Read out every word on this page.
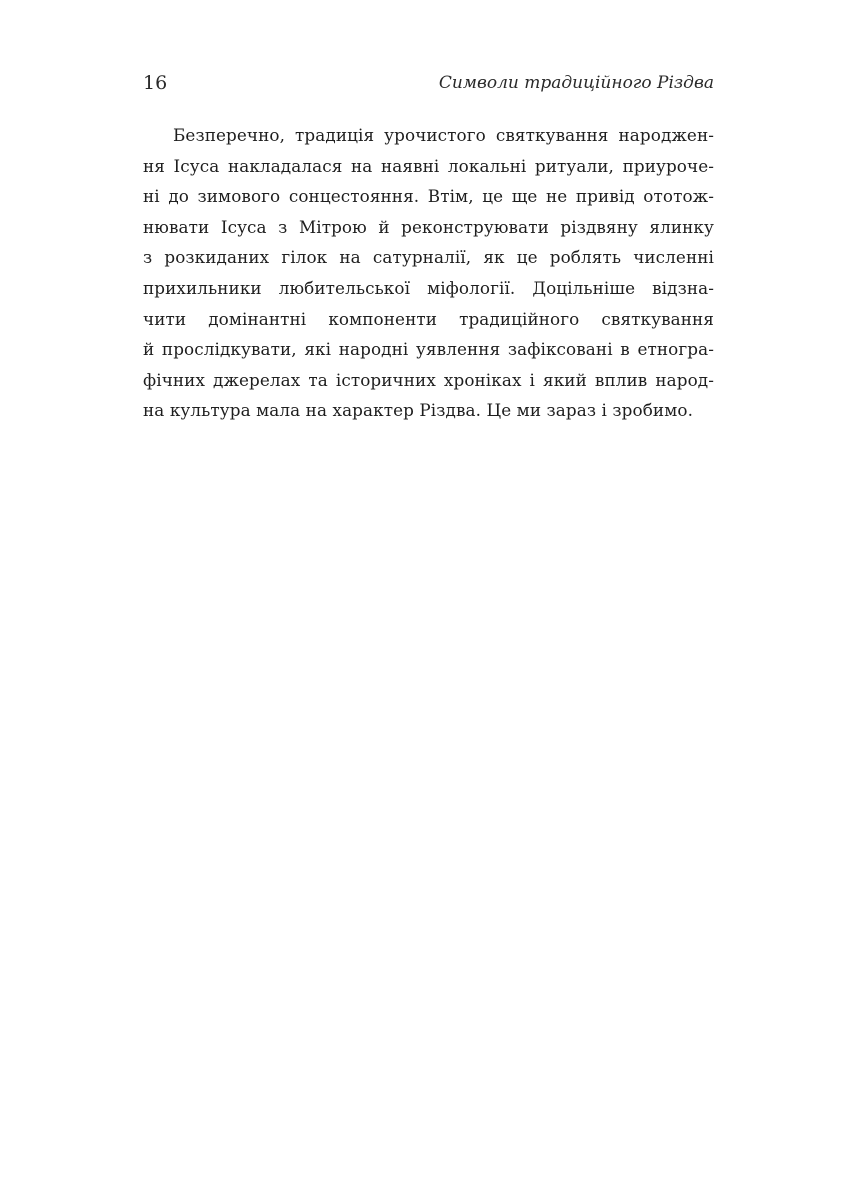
16	Символи традиційного Різдва
Безперечно, традиція урочистого святкування народжен-
ня Ісуса накладалася на наявні локальні ритуали, приуроче-
ні до зимового сонцестояння. Втім, це ще не привід ототож-
нювати Ісуса з Мітрою й реконструювати різдвяну ялинку
з розкиданих гілок на сатурналії, як це роблять численні
прихильники любительської міфології. Доцільніше відзна-
чити домінантні компоненти традиційного святкування
й прослідкувати, які народні уявлення зафіксовані в етногра-
фічних джерелах та історичних хроніках і який вплив народ-
на культура мала на характер Різдва. Це ми зараз і зробимо.
